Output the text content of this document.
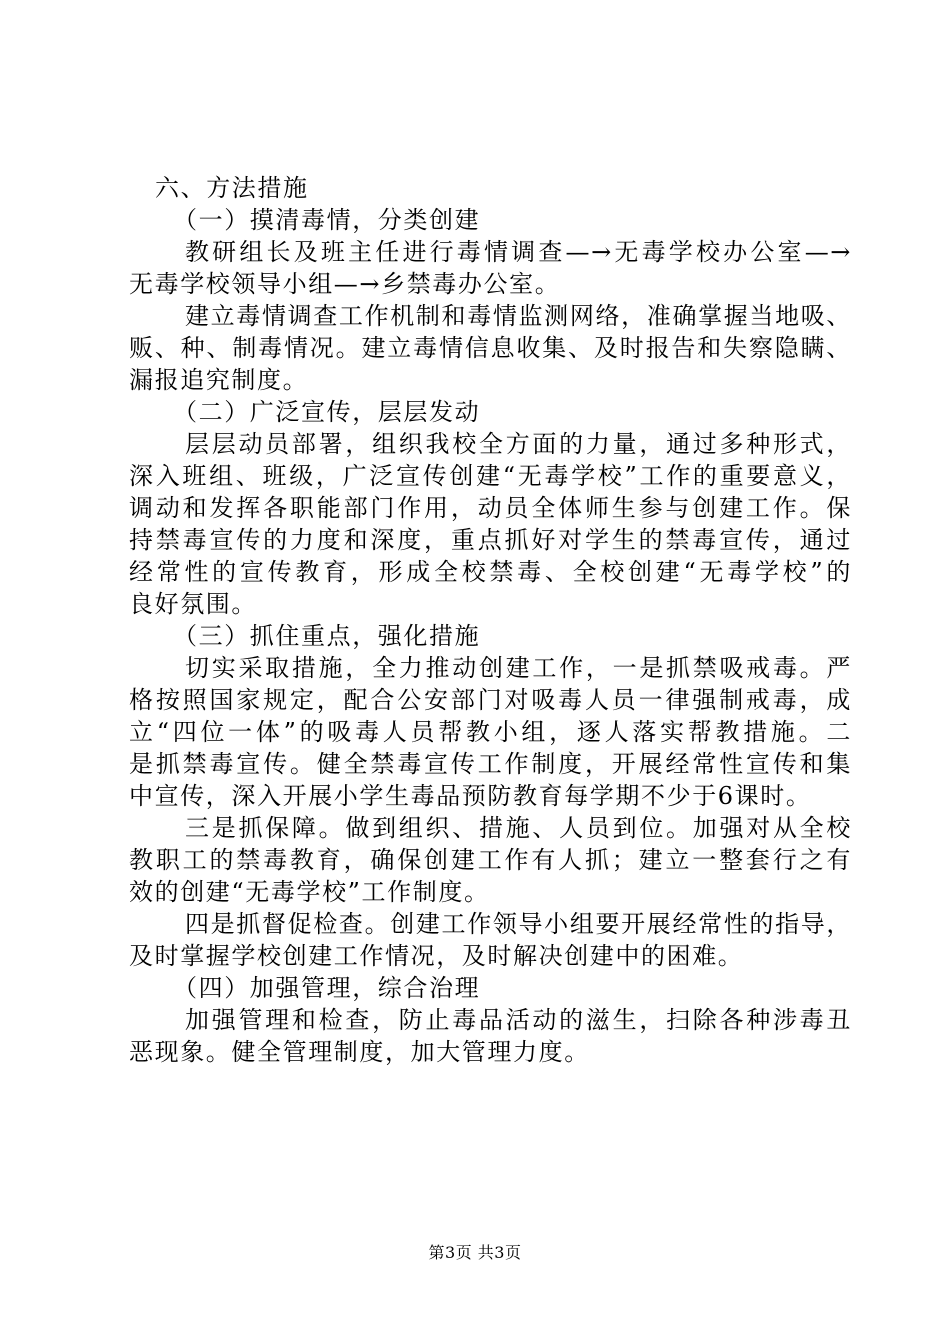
六、方法措施
（一）摸清毒情，分类创建
教研组长及班主任进行毒情调查—→无毒学校办公室—→
无毒学校领导小组—→乡禁毒办公室。
建立毒情调查工作机制和毒情监测网络，准确掌握当地吸、
贩、种、制毒情况。建立毒情信息收集、及时报告和失察隐瞒、
漏报追究制度。
（二）广泛宣传，层层发动
层层动员部署，组织我校全方面的力量，通过多种形式，
深入班组、班级，广泛宣传创建“无毒学校”工作的重要意义，
调动和发挥各职能部门作用，动员全体师生参与创建工作。保
持禁毒宣传的力度和深度，重点抓好对学生的禁毒宣传，通过
经常性的宣传教育，形成全校禁毒、全校创建“无毒学校”的
良好氛围。
（三）抓住重点，强化措施
切实采取措施，全力推动创建工作，一是抓禁吸戒毒。严
格按照国家规定，配合公安部门对吸毒人员一律强制戒毒，成
立“四位一体”的吸毒人员帮教小组，逐人落实帮教措施。二
是抓禁毒宣传。健全禁毒宣传工作制度，开展经常性宣传和集
中宣传，深入开展小学生毒品预防教育每学期不少于6课时。
三是抓保障。做到组织、措施、人员到位。加强对从全校
教职工的禁毒教育，确保创建工作有人抓；建立一整套行之有
效的创建“无毒学校”工作制度。
四是抓督促检查。创建工作领导小组要开展经常性的指导，
及时掌握学校创建工作情况，及时解决创建中的困难。
（四）加强管理，综合治理
加强管理和检查，防止毒品活动的滋生，扫除各种涉毒丑
恶现象。健全管理制度，加大管理力度。
第3页 共3页
